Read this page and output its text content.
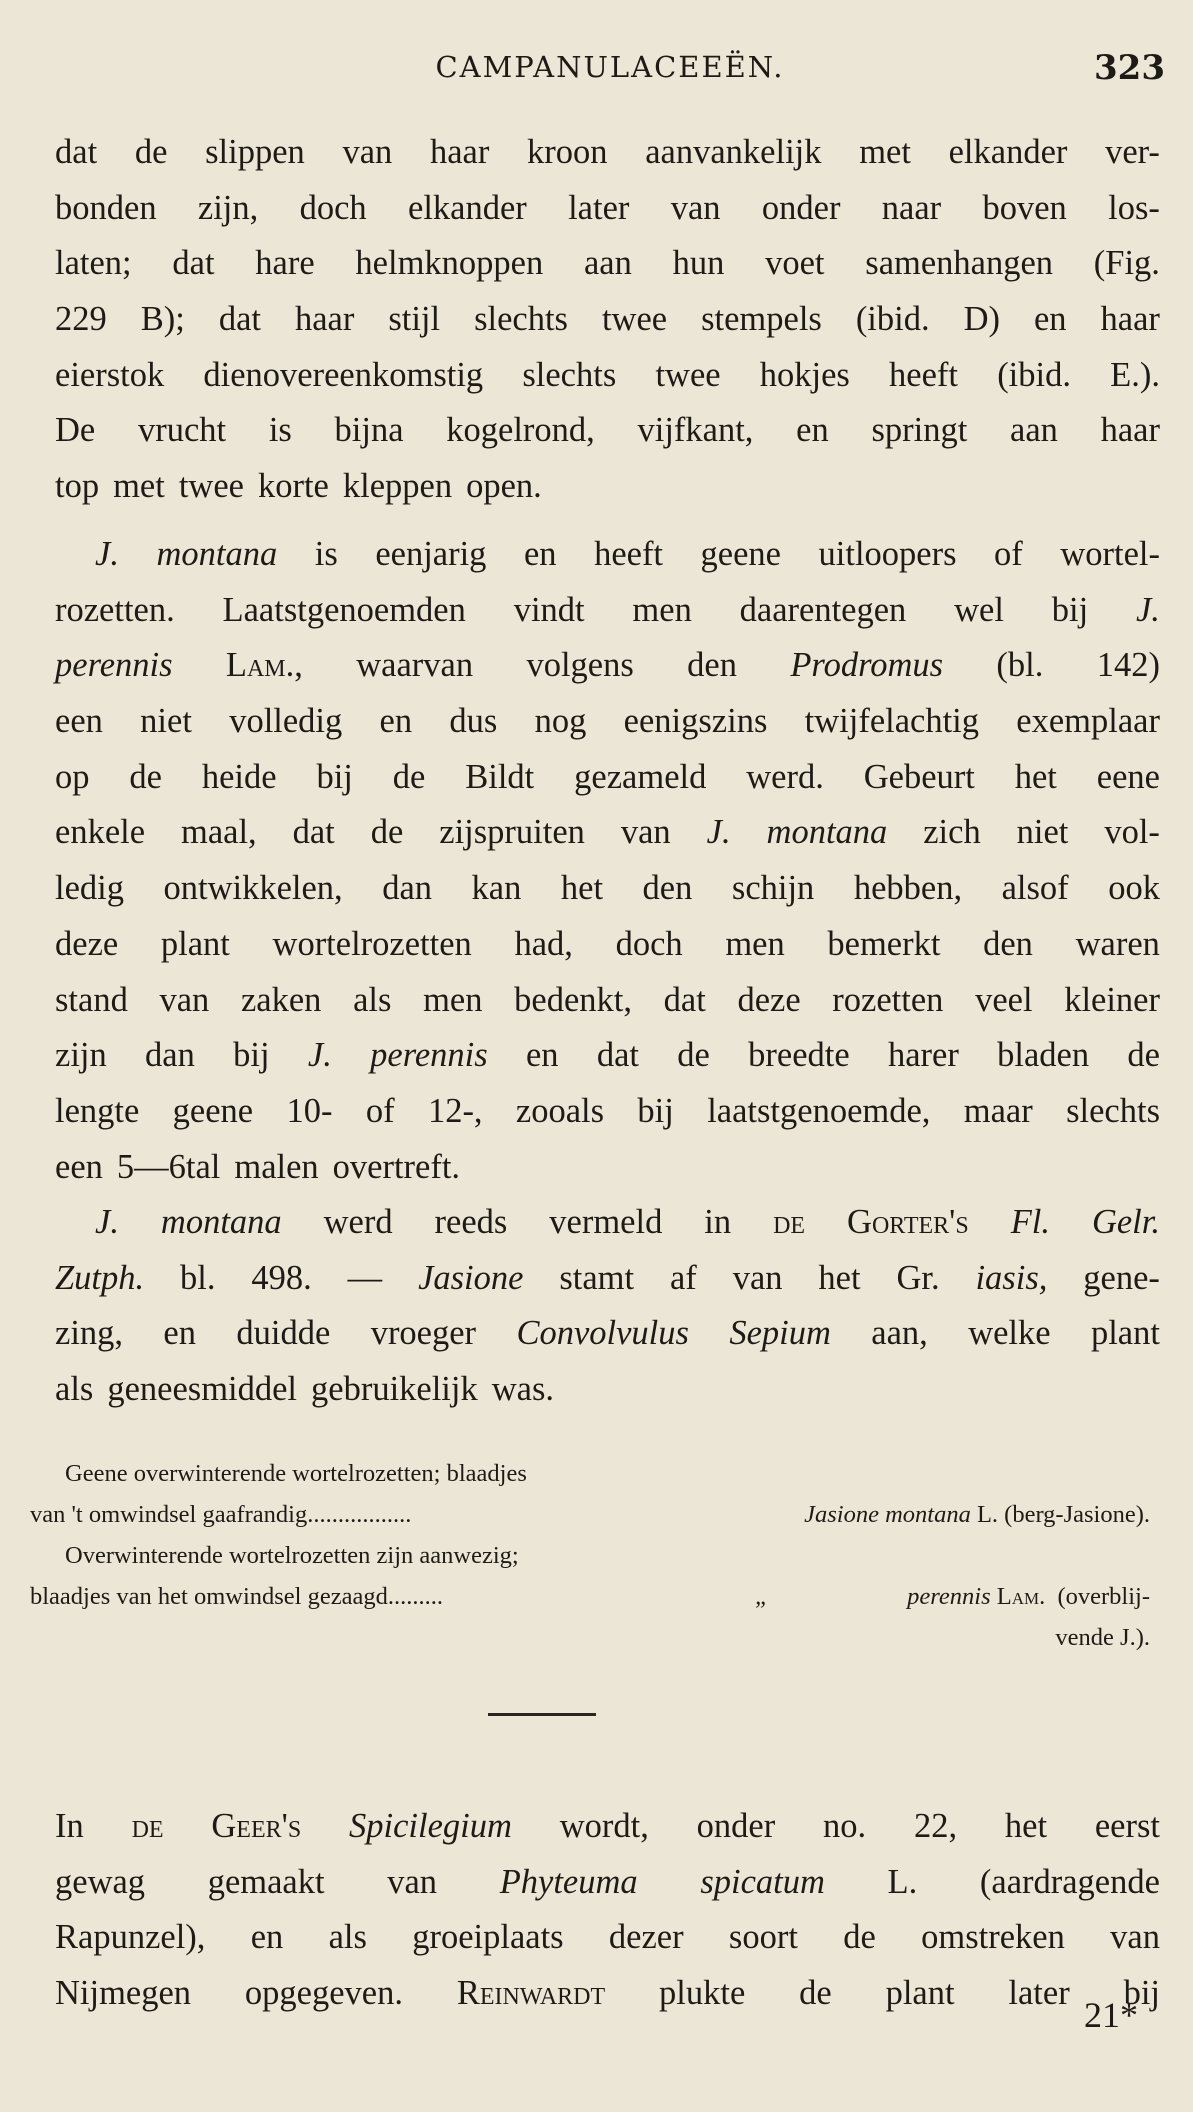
CAMPANULACEEËN.	323
dat de slippen van haar kroon aanvankelijk met elkander ver-
bonden zijn, doch elkander later van onder naar boven los-
laten; dat hare helmknoppen aan hun voet samenhangen (Fig.
229 B); dat haar stijl slechts twee stempels (ibid. D) en haar
eierstok dienovereenkomstig slechts twee hokjes heeft (ibid. E.).
De vrucht is bijna kogelrond, vijfkant, en springt aan haar
top met twee korte kleppen open.
J. montana is eenjarig en heeft geene uitloopers of wortel-
rozetten. Laatstgenoemden vindt men daarentegen wel bij J.
perennis Lam., waarvan volgens den Prodromus (bl. 142)
een niet volledig en dus nog eenigszins twijfelachtig exemplaar
op de heide bij de Bildt gezameld werd. Gebeurt het eene
enkele maal, dat de zijspruiten van J. montana zich niet vol-
ledig ontwikkelen, dan kan het den schijn hebben, alsof ook
deze plant wortelrozetten had, doch men bemerkt den waren
stand van zaken als men bedenkt, dat deze rozetten veel kleiner
zijn dan bij J. perennis en dat de breedte harer bladen de
lengte geene 10- of 12-, zooals bij laatstgenoemde, maar slechts
een 5—6tal malen overtreft.
J. montana werd reeds vermeld in de Gorter's Fl. Gelr.
Zutph. bl. 498. — Jasione stamt af van het Gr. iasis, gene-
zing, en duidde vroeger Convolvulus Sepium aan, welke plant
als geneesmiddel gebruikelijk was.
Geene overwinterende wortelrozetten; blaadjes
van 't omwindsel gaafrandig.................	Jasione montana L. (berg-Jasione).
Overwinterende wortelrozetten zijn aanwezig;
blaadjes van het omwindsel gezaagd.........	„	perennis Lam. (overblij-
vende J.).
In de Geer's Spicilegium wordt, onder no. 22, het eerst
gewag gemaakt van Phyteuma spicatum L. (aardragende
Rapunzel), en als groeiplaats dezer soort de omstreken van
Nijmegen opgegeven. Reinwardt plukte de plant later bij
21*
